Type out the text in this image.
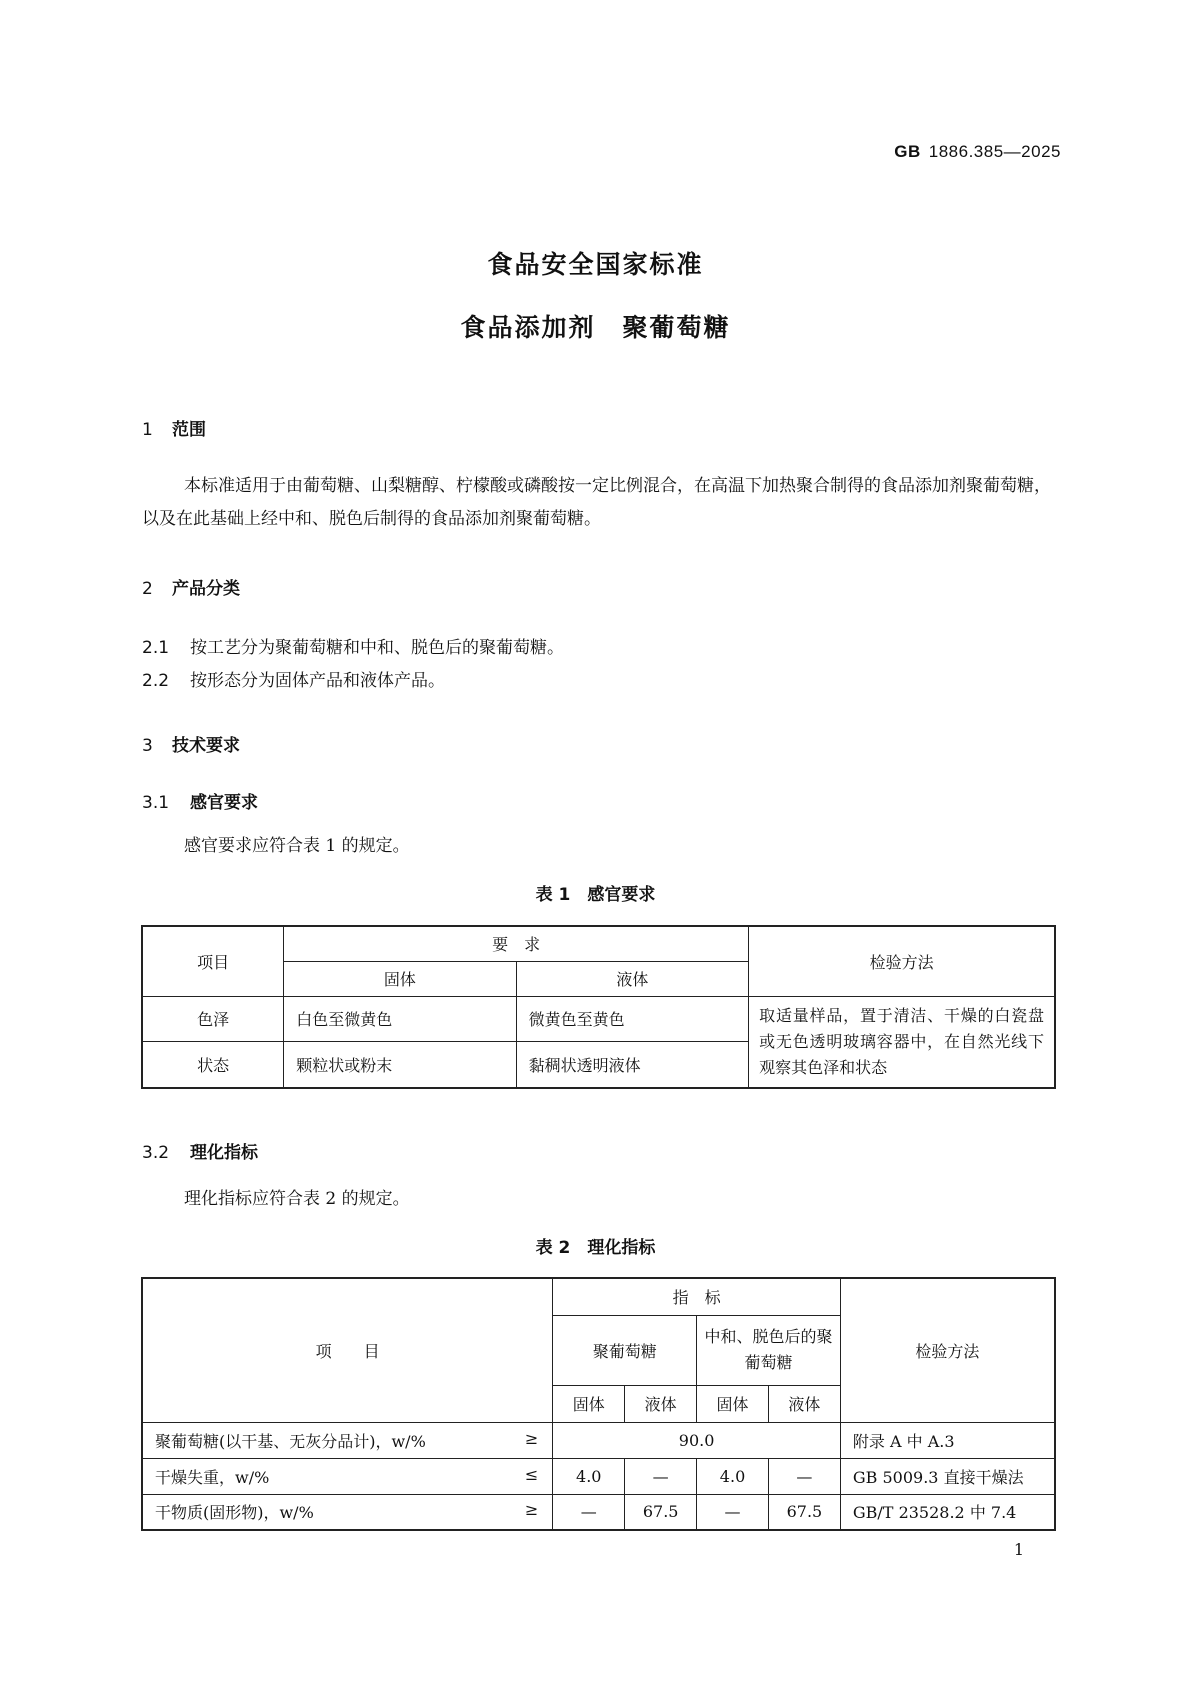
GB 1886.385—2025
食品安全国家标准
食品添加剂　聚葡萄糖
1 范围
本标准适用于由葡萄糖、山梨糖醇、柠檬酸或磷酸按一定比例混合，在高温下加热聚合制得的食品添加剂聚葡萄糖，以及在此基础上经中和、脱色后制得的食品添加剂聚葡萄糖。
2 产品分类
2.1 按工艺分为聚葡萄糖和中和、脱色后的聚葡萄糖。
2.2 按形态分为固体产品和液体产品。
3 技术要求
3.1 感官要求
感官要求应符合表 1 的规定。
表 1　感官要求
项目	要　求		检验方法
	固体	液体	
色泽	白色至微黄色	微黄色至黄色	取适量样品，置于清洁、干燥的白瓷盘或无色透明玻璃容器中，在自然光线下观察其色泽和状态
状态	颗粒状或粉末	黏稠状透明液体	
3.2 理化指标
理化指标应符合表 2 的规定。
表 2　理化指标
项　　目	指　标				检验方法
	聚葡萄糖		中和、脱色后的聚葡萄糖		
	固体	液体	固体	液体	
聚葡萄糖(以干基、无灰分品计)，w/% ≥	90.0				附录 A 中 A.3
干燥失重，w/% ≤	4.0	—	4.0	—	GB 5009.3 直接干燥法
干物质(固形物)，w/% ≥	—	67.5	—	67.5	GB/T 23528.2 中 7.4
1
